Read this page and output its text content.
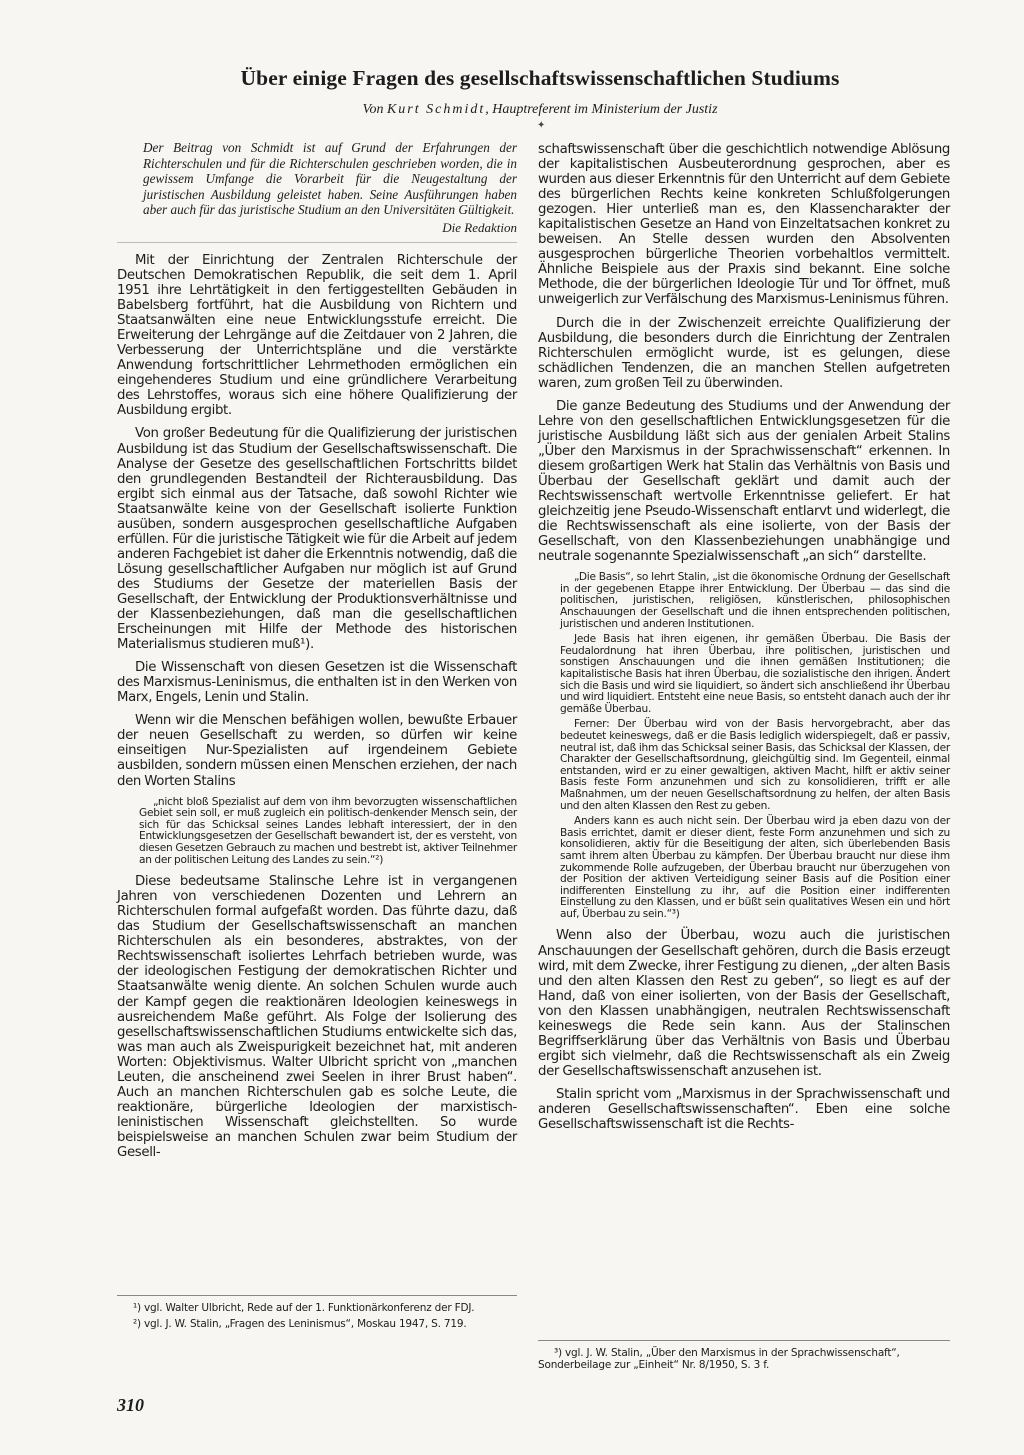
Über einige Fragen des gesellschaftswissenschaftlichen Studiums

Von Kurt Schmidt, Hauptreferent im Ministerium der Justiz

✦

Der Beitrag von Schmidt ist auf Grund der Erfahrungen der Richterschulen und für die Richterschulen geschrieben worden, die in gewissem Umfange die Vorarbeit für die Neugestaltung der juristischen Ausbildung geleistet haben. Seine Ausführungen haben aber auch für das juristische Studium an den Universitäten Gültigkeit.

Die Redaktion

Mit der Einrichtung der Zentralen Richterschule der Deutschen Demokratischen Republik, die seit dem 1. April 1951 ihre Lehrtätigkeit in den fertiggestellten Gebäuden in Babelsberg fortführt, hat die Ausbildung von Richtern und Staatsanwälten eine neue Entwicklungsstufe erreicht. Die Erweiterung der Lehrgänge auf die Zeitdauer von 2 Jahren, die Verbesserung der Unterrichtspläne und die verstärkte Anwendung fortschrittlicher Lehrmethoden ermöglichen ein eingehenderes Studium und eine gründlichere Verarbeitung des Lehrstoffes, woraus sich eine höhere Qualifizierung der Ausbildung ergibt.

Von großer Bedeutung für die Qualifizierung der juristischen Ausbildung ist das Studium der Gesellschaftswissenschaft. Die Analyse der Gesetze des gesellschaftlichen Fortschritts bildet den grundlegenden Bestandteil der Richterausbildung. Das ergibt sich einmal aus der Tatsache, daß sowohl Richter wie Staatsanwälte keine von der Gesellschaft isolierte Funktion ausüben, sondern ausgesprochen gesellschaftliche Aufgaben erfüllen. Für die juristische Tätigkeit wie für die Arbeit auf jedem anderen Fachgebiet ist daher die Erkenntnis notwendig, daß die Lösung gesellschaftlicher Aufgaben nur möglich ist auf Grund des Studiums der Gesetze der materiellen Basis der Gesellschaft, der Entwicklung der Produktionsverhältnisse und der Klassenbeziehungen, daß man die gesellschaftlichen Erscheinungen mit Hilfe der Methode des historischen Materialismus studieren muß¹).

Die Wissenschaft von diesen Gesetzen ist die Wissenschaft des Marxismus-Leninismus, die enthalten ist in den Werken von Marx, Engels, Lenin und Stalin.

Wenn wir die Menschen befähigen wollen, bewußte Erbauer der neuen Gesellschaft zu werden, so dürfen wir keine einseitigen Nur-Spezialisten auf irgendeinem Gebiete ausbilden, sondern müssen einen Menschen erziehen, der nach den Worten Stalins

„nicht bloß Spezialist auf dem von ihm bevorzugten wissenschaftlichen Gebiet sein soll, er muß zugleich ein politisch-denkender Mensch sein, der sich für das Schicksal seines Landes lebhaft interessiert, der in den Entwicklungsgesetzen der Gesellschaft bewandert ist, der es versteht, von diesen Gesetzen Gebrauch zu machen und bestrebt ist, aktiver Teilnehmer an der politischen Leitung des Landes zu sein.“²)

Diese bedeutsame Stalinsche Lehre ist in vergangenen Jahren von verschiedenen Dozenten und Lehrern an Richterschulen formal aufgefaßt worden. Das führte dazu, daß das Studium der Gesellschaftswissenschaft an manchen Richterschulen als ein besonderes, abstraktes, von der Rechtswissenschaft isoliertes Lehrfach betrieben wurde, was der ideologischen Festigung der demokratischen Richter und Staatsanwälte wenig diente. An solchen Schulen wurde auch der Kampf gegen die reaktionären Ideologien keineswegs in ausreichendem Maße geführt. Als Folge der Isolierung des gesellschaftswissenschaftlichen Studiums entwickelte sich das, was man auch als Zweispurigkeit bezeichnet hat, mit anderen Worten: Objektivismus. Walter Ulbricht spricht von „manchen Leuten, die anscheinend zwei Seelen in ihrer Brust haben“. Auch an manchen Richterschulen gab es solche Leute, die reaktionäre, bürgerliche Ideologien der marxistisch-leninistischen Wissenschaft gleichstellten. So wurde beispielsweise an manchen Schulen zwar beim Studium der Gesell-

schaftswissenschaft über die geschichtlich notwendige Ablösung der kapitalistischen Ausbeuterordnung gesprochen, aber es wurden aus dieser Erkenntnis für den Unterricht auf dem Gebiete des bürgerlichen Rechts keine konkreten Schlußfolgerungen gezogen. Hier unterließ man es, den Klassencharakter der kapitalistischen Gesetze an Hand von Einzeltatsachen konkret zu beweisen. An Stelle dessen wurden den Absolventen ausgesprochen bürgerliche Theorien vorbehaltlos vermittelt. Ähnliche Beispiele aus der Praxis sind bekannt. Eine solche Methode, die der bürgerlichen Ideologie Tür und Tor öffnet, muß unweigerlich zur Verfälschung des Marxismus-Leninismus führen.

Durch die in der Zwischenzeit erreichte Qualifizierung der Ausbildung, die besonders durch die Einrichtung der Zentralen Richterschulen ermöglicht wurde, ist es gelungen, diese schädlichen Tendenzen, die an manchen Stellen aufgetreten waren, zum großen Teil zu überwinden.

Die ganze Bedeutung des Studiums und der Anwendung der Lehre von den gesellschaftlichen Entwicklungsgesetzen für die juristische Ausbildung läßt sich aus der genialen Arbeit Stalins „Über den Marxismus in der Sprachwissenschaft“ erkennen. In diesem großartigen Werk hat Stalin das Verhältnis von Basis und Überbau der Gesellschaft geklärt und damit auch der Rechtswissenschaft wertvolle Erkenntnisse geliefert. Er hat gleichzeitig jene Pseudo-Wissenschaft entlarvt und widerlegt, die die Rechtswissenschaft als eine isolierte, von der Basis der Gesellschaft, von den Klassenbeziehungen unabhängige und neutrale sogenannte Spezialwissenschaft „an sich“ darstellte.

„Die Basis“, so lehrt Stalin, „ist die ökonomische Ordnung der Gesellschaft in der gegebenen Etappe ihrer Entwicklung. Der Überbau — das sind die politischen, juristischen, religiösen, künstlerischen, philosophischen Anschauungen der Gesellschaft und die ihnen entsprechenden politischen, juristischen und anderen Institutionen.

Jede Basis hat ihren eigenen, ihr gemäßen Überbau. Die Basis der Feudalordnung hat ihren Überbau, ihre politischen, juristischen und sonstigen Anschauungen und die ihnen gemäßen Institutionen; die kapitalistische Basis hat ihren Überbau, die sozialistische den ihrigen. Ändert sich die Basis und wird sie liquidiert, so ändert sich anschließend ihr Überbau und wird liquidiert. Entsteht eine neue Basis, so entsteht danach auch der ihr gemäße Überbau.

Ferner: Der Überbau wird von der Basis hervorgebracht, aber das bedeutet keineswegs, daß er die Basis lediglich widerspiegelt, daß er passiv, neutral ist, daß ihm das Schicksal seiner Basis, das Schicksal der Klassen, der Charakter der Gesellschaftsordnung, gleichgültig sind. Im Gegenteil, einmal entstanden, wird er zu einer gewaltigen, aktiven Macht, hilft er aktiv seiner Basis feste Form anzunehmen und sich zu konsolidieren, trifft er alle Maßnahmen, um der neuen Gesellschaftsordnung zu helfen, der alten Basis und den alten Klassen den Rest zu geben.

Anders kann es auch nicht sein. Der Überbau wird ja eben dazu von der Basis errichtet, damit er dieser dient, feste Form anzunehmen und sich zu konsolidieren, aktiv für die Beseitigung der alten, sich überlebenden Basis samt ihrem alten Überbau zu kämpfen. Der Überbau braucht nur diese ihm zukommende Rolle aufzugeben, der Überbau braucht nur überzugehen von der Position der aktiven Verteidigung seiner Basis auf die Position einer indifferenten Einstellung zu ihr, auf die Position einer indifferenten Einstellung zu den Klassen, und er büßt sein qualitatives Wesen ein und hört auf, Überbau zu sein.“³)

Wenn also der Überbau, wozu auch die juristischen Anschauungen der Gesellschaft gehören, durch die Basis erzeugt wird, mit dem Zwecke, ihrer Festigung zu dienen, „der alten Basis und den alten Klassen den Rest zu geben“, so liegt es auf der Hand, daß von einer isolierten, von der Basis der Gesellschaft, von den Klassen unabhängigen, neutralen Rechtswissenschaft keineswegs die Rede sein kann. Aus der Stalinschen Begriffserklärung über das Verhältnis von Basis und Überbau ergibt sich vielmehr, daß die Rechtswissenschaft als ein Zweig der Gesellschaftswissenschaft anzusehen ist.

Stalin spricht vom „Marxismus in der Sprachwissenschaft und anderen Gesellschaftswissenschaften“. Eben eine solche Gesellschaftswissenschaft ist die Rechts-

¹) vgl. Walter Ulbricht, Rede auf der 1. Funktionärkonferenz der FDJ.

²) vgl. J. W. Stalin, „Fragen des Leninismus“, Moskau 1947, S. 719.

³) vgl. J. W. Stalin, „Über den Marxismus in der Sprachwissenschaft“, Sonderbeilage zur „Einheit“ Nr. 8/1950, S. 3 f.

310
